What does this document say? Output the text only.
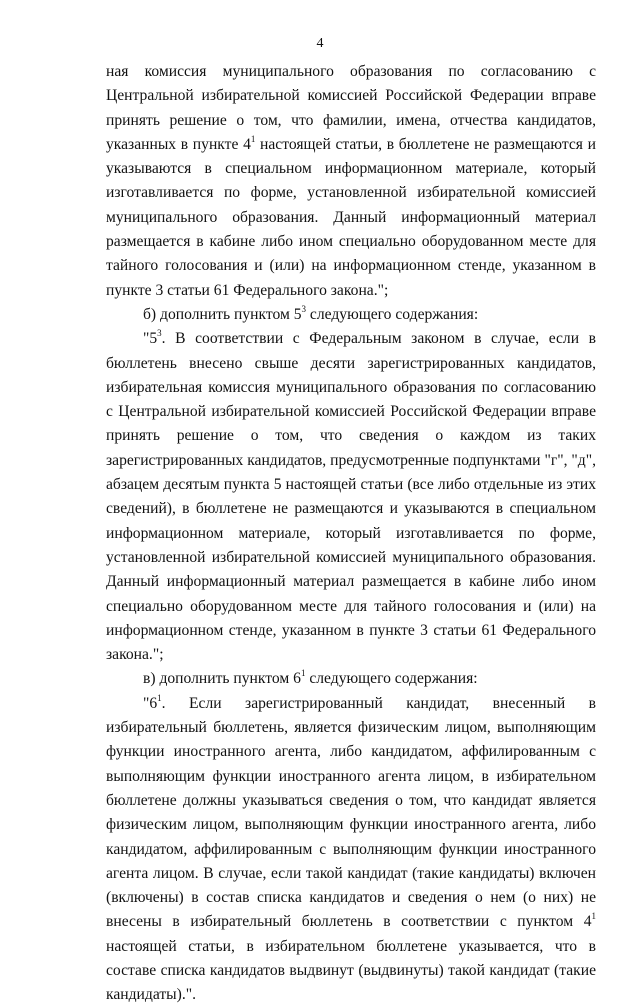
4

ная комиссия муниципального образования по согласованию с Центральной избирательной комиссией Российской Федерации вправе принять решение о том, что фамилии, имена, отчества кандидатов, указанных в пункте $4^1$ настоящей статьи, в бюллетене не размещаются и указываются в специальном информационном материале, который изготавливается по форме, установленной избирательной комиссией муниципального образования. Данный информационный материал размещается в кабине либо ином специально оборудованном месте для тайного голосования и (или) на информационном стенде, указанном в пункте 3 статьи 61 Федерального закона.";

б) дополнить пунктом $5^3$ следующего содержания:

"$5^3$. В соответствии с Федеральным законом в случае, если в бюллетень внесено свыше десяти зарегистрированных кандидатов, избирательная комиссия муниципального образования по согласованию с Центральной избирательной комиссией Российской Федерации вправе принять решение о том, что сведения о каждом из таких зарегистрированных кандидатов, предусмотренные подпунктами "г", "д", абзацем десятым пункта 5 настоящей статьи (все либо отдельные из этих сведений), в бюллетене не размещаются и указываются в специальном информационном материале, который изготавливается по форме, установленной избирательной комиссией муниципального образования. Данный информационный материал размещается в кабине либо ином специально оборудованном месте для тайного голосования и (или) на информационном стенде, указанном в пункте 3 статьи 61 Федерального закона.";

в) дополнить пунктом $6^1$ следующего содержания:

"$6^1$. Если зарегистрированный кандидат, внесенный в избирательный бюллетень, является физическим лицом, выполняющим функции иностранного агента, либо кандидатом, аффилированным с выполняющим функции иностранного агента лицом, в избирательном бюллетене должны указываться сведения о том, что кандидат является физическим лицом, выполняющим функции иностранного агента, либо кандидатом, аффилированным с выполняющим функции иностранного агента лицом. В случае, если такой кандидат (такие кандидаты) включен (включены) в состав списка кандидатов и сведения о нем (о них) не внесены в избирательный бюллетень в соответствии с пунктом $4^1$ настоящей статьи, в избирательном бюллетене указывается, что в составе списка кандидатов выдвинут (выдвинуты) такой кандидат (такие кандидаты).".
